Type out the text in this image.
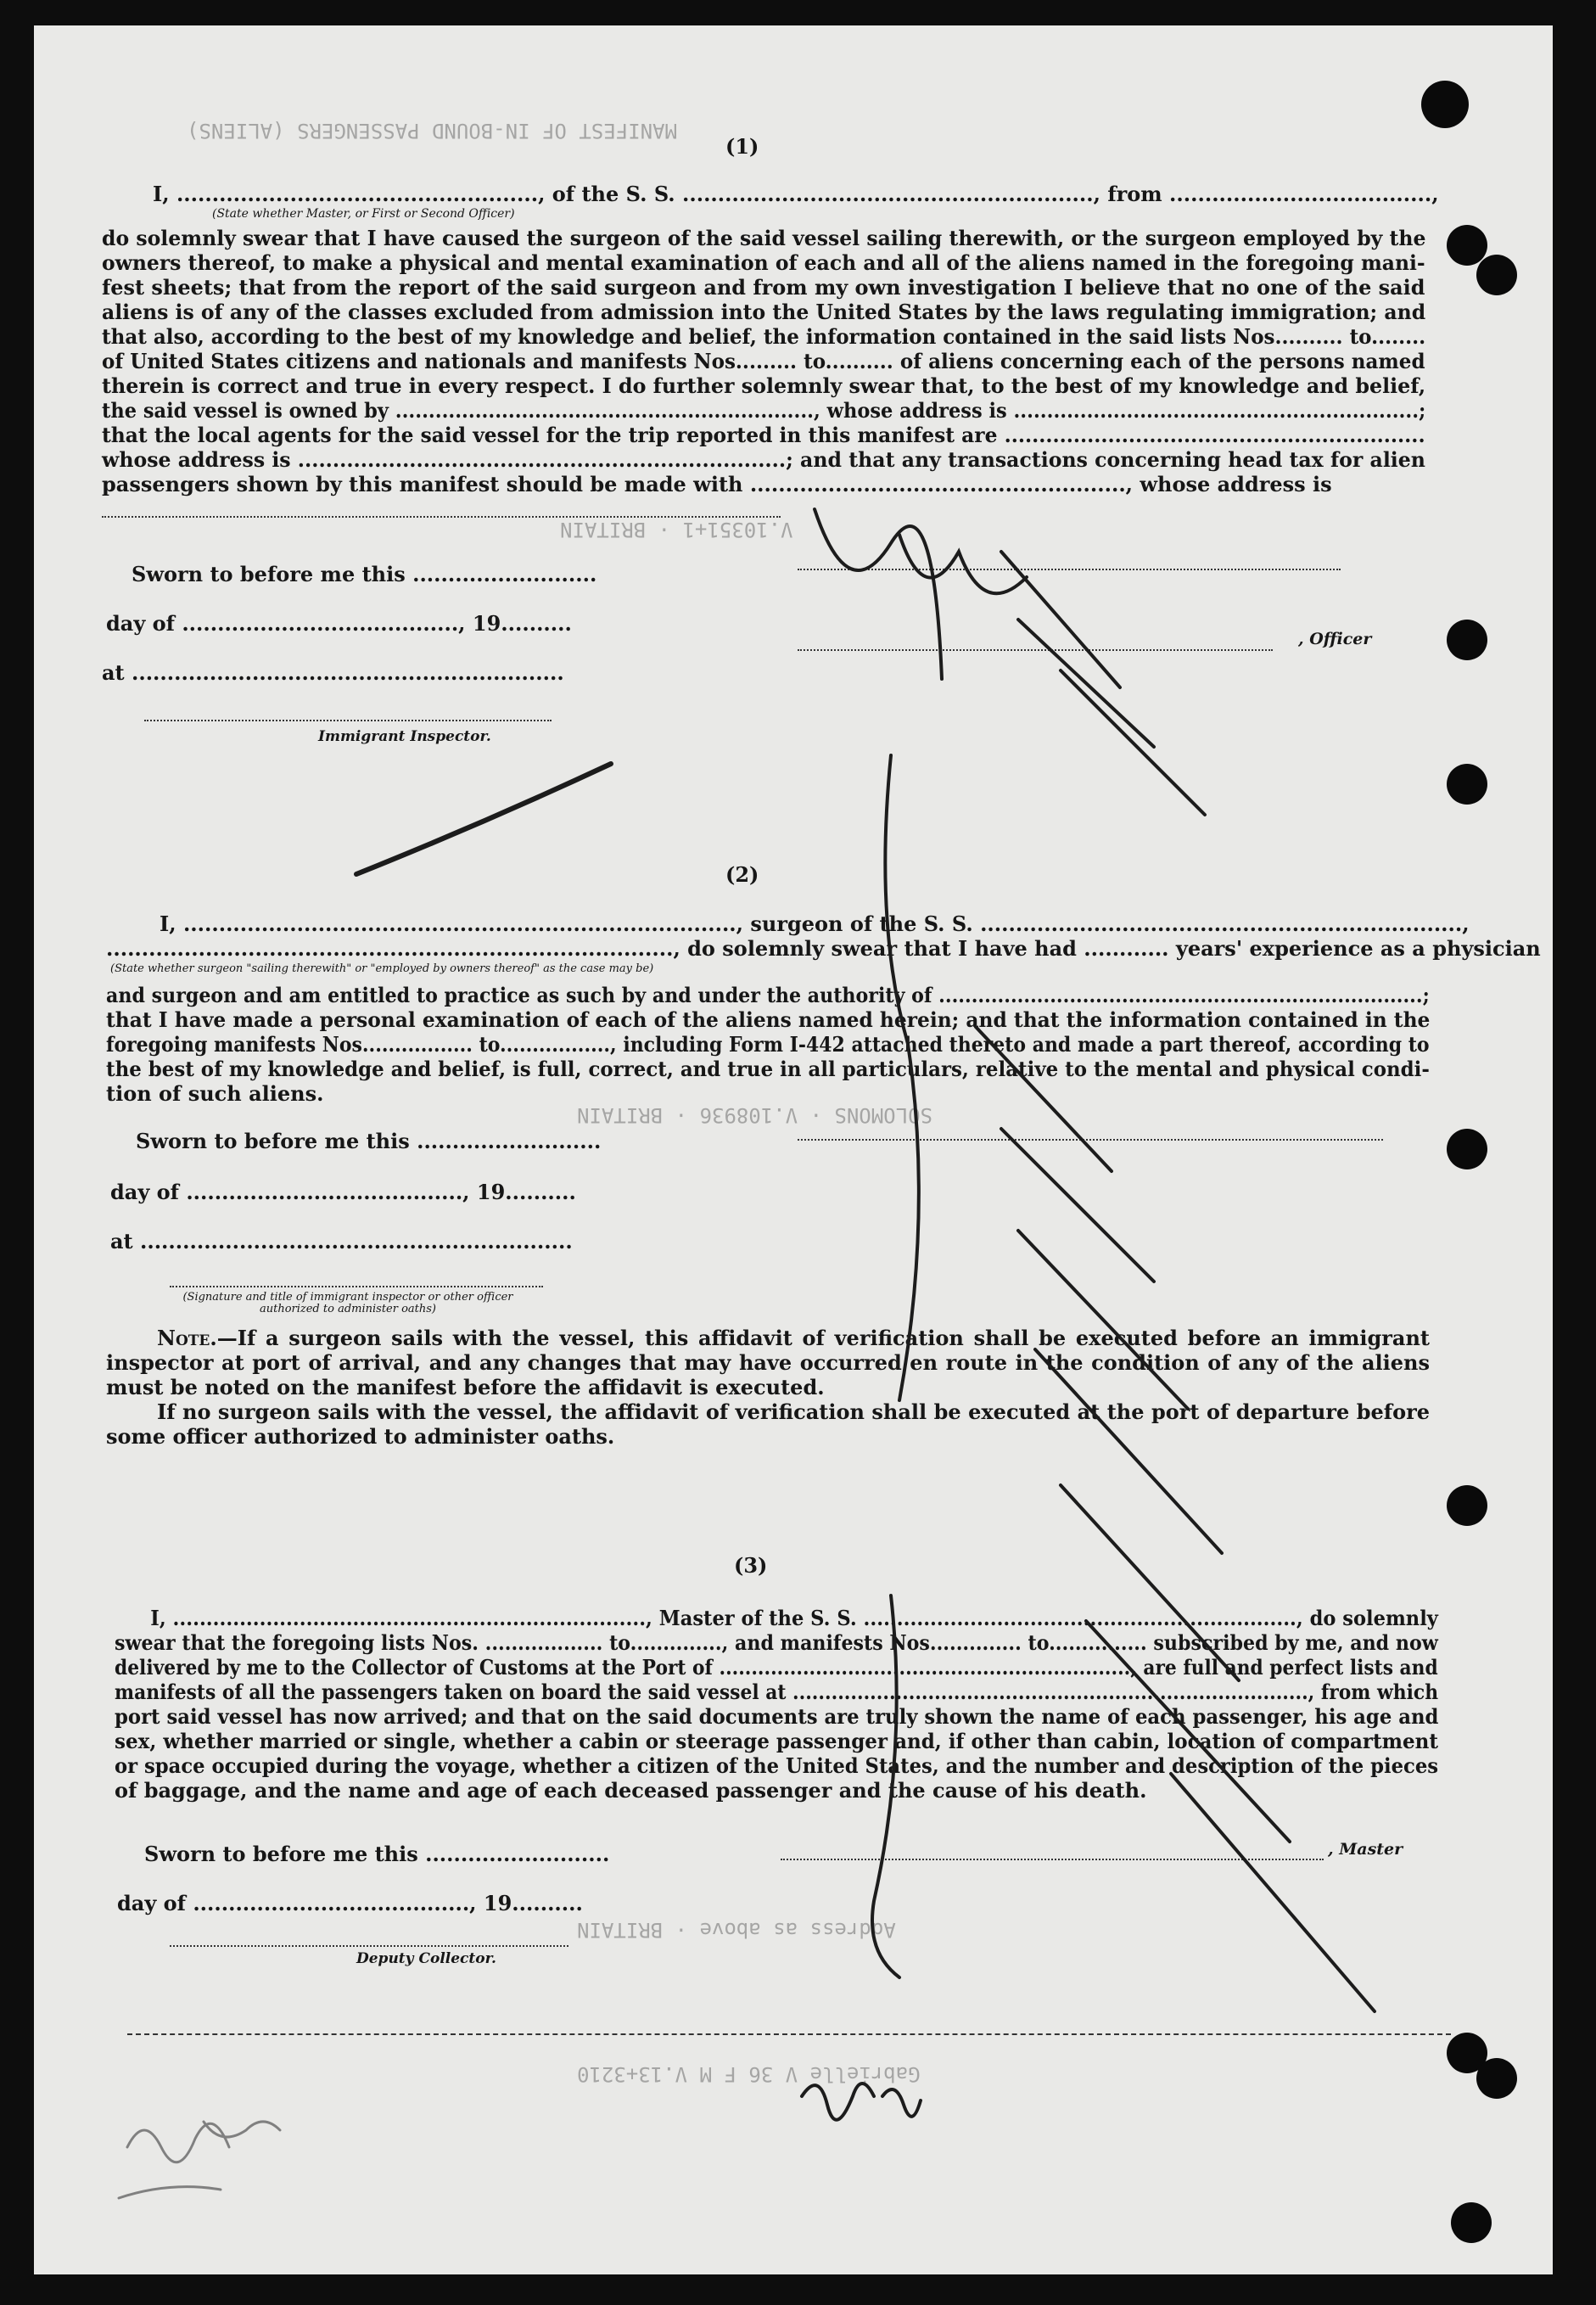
MANIFEST OF IN-BOUND PASSENGERS (ALIENS)
V.10351+1 · BRITAIN
SOLOMONS · V.108936 · BRITAIN
Address as above · BRITAIN
Gabrielle V 36 F M V.13+3210
(1)
I, ..................................................., of the S. S. .........................................................., from .....................................,
(State whether Master, or First or Second Officer)
do solemnly swear that I have caused the surgeon of the said vessel sailing therewith, or the surgeon employed by the
owners thereof, to make a physical and mental examination of each and all of the aliens named in the foregoing mani-
fest sheets; that from the report of the said surgeon and from my own investigation I believe that no one of the said
aliens is of any of the classes excluded from admission into the United States by the laws regulating immigration; and
that also, according to the best of my knowledge and belief, the information contained in the said lists Nos.......... to........
of United States citizens and nationals and manifests Nos......... to.......... of aliens concerning each of the persons named
therein is correct and true in every respect. I do further solemnly swear that, to the best of my knowledge and belief,
the said vessel is owned by ..............................................................., whose address is .............................................................;
that the local agents for the said vessel for the trip reported in this manifest are .............................................................
whose address is ......................................................................; and that any transactions concerning head tax for alien
passengers shown by this manifest should be made with ....................................................., whose address is
Sworn to before me this ..........................
day of ......................................., 19..........
, Officer
at .............................................................
Immigrant Inspector.
(2)
I, .............................................................................., surgeon of the S. S. ....................................................................,
................................................................................, do solemnly swear that I have had ............ years' experience as a physician
(State whether surgeon "sailing therewith" or "employed by owners thereof" as the case may be)
and surgeon and am entitled to practice as such by and under the authority of ..........................................................................;
that I have made a personal examination of each of the aliens named herein; and that the information contained in the
foregoing manifests Nos................. to................., including Form I-442 attached thereto and made a part thereof, according to
the best of my knowledge and belief, is full, correct, and true in all particulars, relative to the mental and physical condi-
tion of such aliens.
Sworn to before me this ..........................
day of ......................................., 19..........
at .............................................................
(Signature and title of immigrant inspector or other officer authorized to administer oaths)
Note.—If a surgeon sails with the vessel, this affidavit of verification shall be executed before an immigrant inspector at port of arrival, and any changes that may have occurred en route in the condition of any of the aliens must be noted on the manifest before the affidavit is executed.
If no surgeon sails with the vessel, the affidavit of verification shall be executed at the port of departure before some officer authorized to administer oaths.
(3)
I, ......................................................................., Master of the S. S. ................................................................., do solemnly
swear that the foregoing lists Nos. .................. to.............., and manifests Nos.............. to............... subscribed by me, and now
delivered by me to the Collector of Customs at the Port of ................................................................, are full and perfect lists and
manifests of all the passengers taken on board the said vessel at ................................................................................, from which
port said vessel has now arrived; and that on the said documents are truly shown the name of each passenger, his age and
sex, whether married or single, whether a cabin or steerage passenger and, if other than cabin, location of compartment
or space occupied during the voyage, whether a citizen of the United States, and the number and description of the pieces
of baggage, and the name and age of each deceased passenger and the cause of his death.
Sworn to before me this ..........................	, Master
day of ......................................., 19..........
Deputy Collector.
